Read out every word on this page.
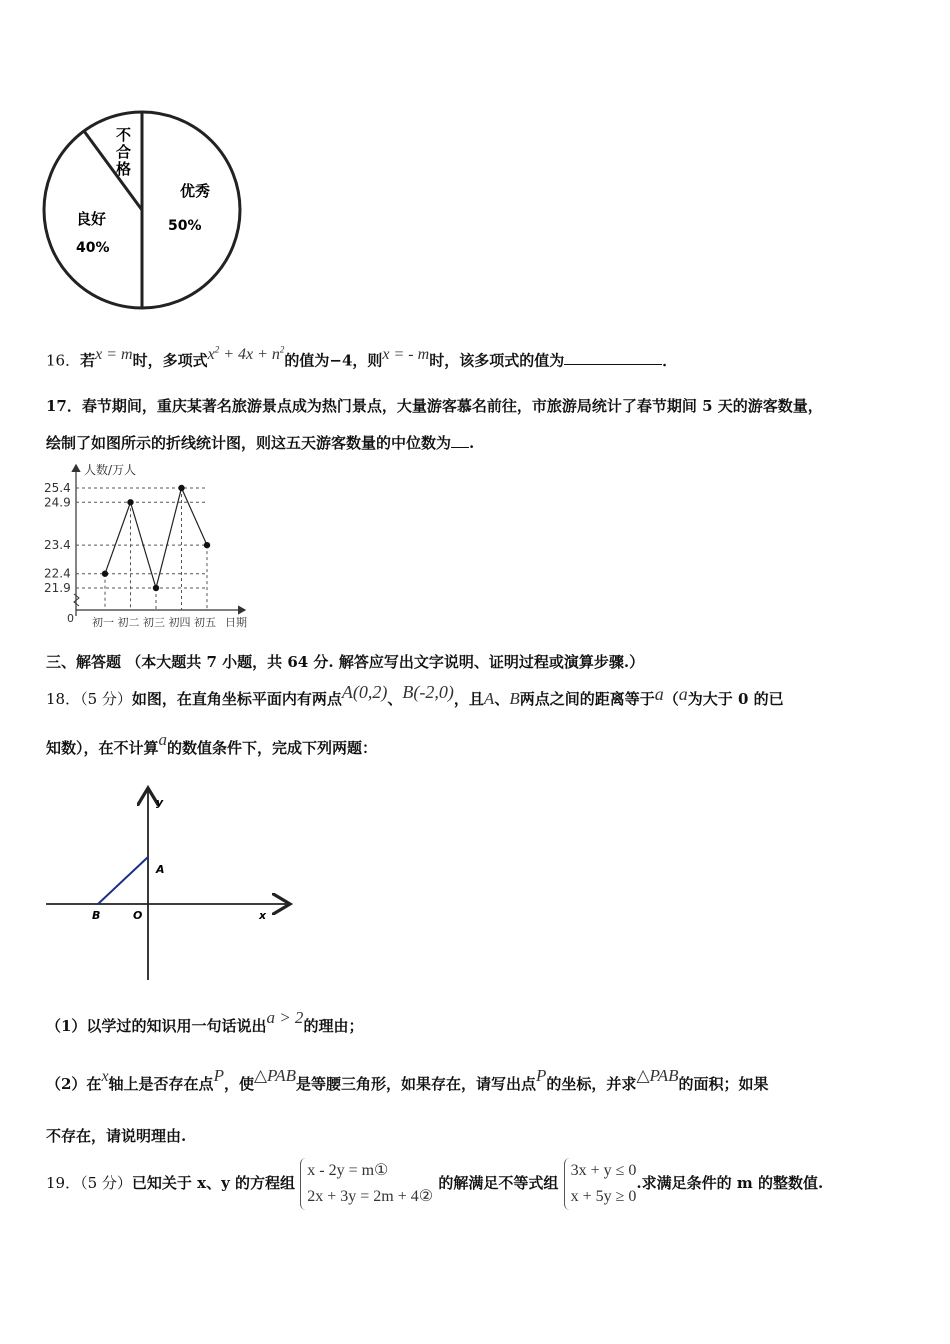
优秀
50%
良好
40%
不合格
16．若x = m时，多项式$x^2 + 4x + n^2$的值为−4，则x = - m时，该多项式的值为	．
17．春节期间，重庆某著名旅游景点成为热门景点，大量游客慕名前往，市旅游局统计了春节期间 5 天的游客数量，
绘制了如图所示的折线统计图，则这五天游客数量的中位数为 .
人数/万人
日期
0
25.4
24.9
23.4
22.4
21.9
初一 初二 初三 初四 初五
三、解答题 （本大题共 7 小题，共 64 分. 解答应写出文字说明、证明过程或演算步骤.）
18．（5 分）如图，在直角坐标平面内有两点A(0,2)、B(-2,0)，且A、B两点之间的距离等于a（a为大于 0 的已
知数），在不计算a的数值条件下，完成下列两题：
y
x
A
B	O
（1）以学过的知识用一句话说出a > 2的理由；
（2）在x轴上是否存在点P，使△PAB是等腰三角形，如果存在，请写出点P的坐标，并求△PAB的面积；如果
不存在，请说明理由.
19．（5 分）已知关于 x、y 的方程组 x - 2y = m①
2x + 3y = 2m + 4② 的解满足不等式组 3x + y ≤ 0
x + 5y ≥ 0.求满足条件的 m 的整数值.
